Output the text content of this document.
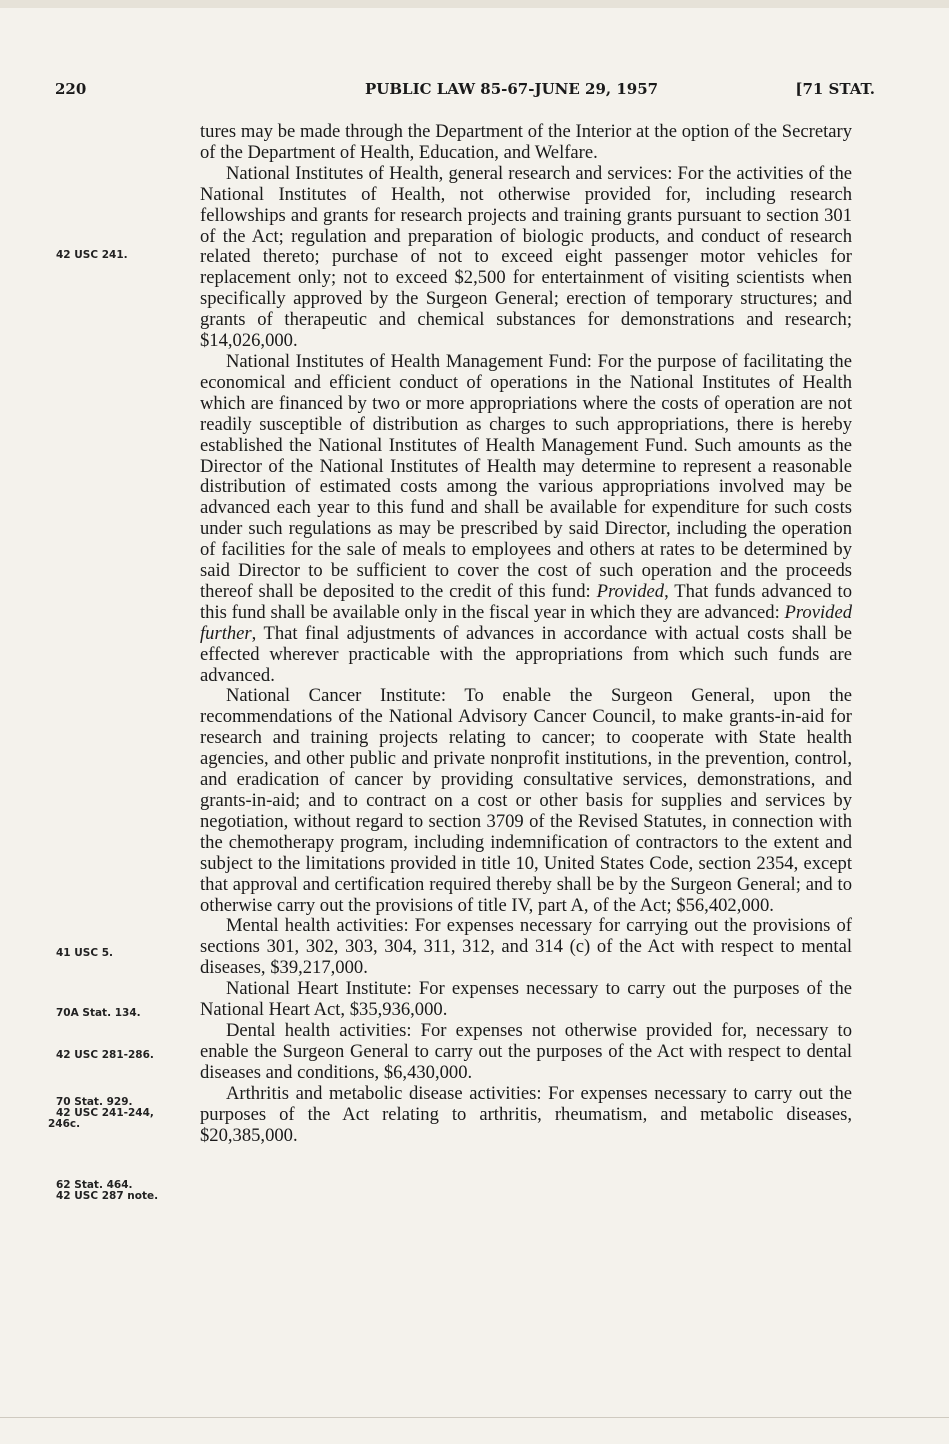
220	PUBLIC LAW 85-67-JUNE 29, 1957	[71 STAT.
42 USC 241.
41 USC 5.
70A Stat. 134.
42 USC 281-286.
70 Stat. 929.
42 USC 241-244,
246c.
62 Stat. 464.
42 USC 287 note.

tures may be made through the Department of the Interior at the option of the Secretary of the Department of Health, Education, and Welfare.

National Institutes of Health, general research and services: For the activities of the National Institutes of Health, not otherwise provided for, including research fellowships and grants for research projects and training grants pursuant to section 301 of the Act; regulation and preparation of biologic products, and conduct of research related thereto; purchase of not to exceed eight passenger motor vehicles for replacement only; not to exceed $2,500 for entertainment of visiting scientists when specifically approved by the Surgeon General; erection of temporary structures; and grants of therapeutic and chemical substances for demonstrations and research; $14,026,000.

National Institutes of Health Management Fund: For the purpose of facilitating the economical and efficient conduct of operations in the National Institutes of Health which are financed by two or more appropriations where the costs of operation are not readily susceptible of distribution as charges to such appropriations, there is hereby established the National Institutes of Health Management Fund. Such amounts as the Director of the National Institutes of Health may determine to represent a reasonable distribution of estimated costs among the various appropriations involved may be advanced each year to this fund and shall be available for expenditure for such costs under such regulations as may be prescribed by said Director, including the operation of facilities for the sale of meals to employees and others at rates to be determined by said Director to be sufficient to cover the cost of such operation and the proceeds thereof shall be deposited to the credit of this fund: Provided, That funds advanced to this fund shall be available only in the fiscal year in which they are advanced: Provided further, That final adjustments of advances in accordance with actual costs shall be effected wherever practicable with the appropriations from which such funds are advanced.

National Cancer Institute: To enable the Surgeon General, upon the recommendations of the National Advisory Cancer Council, to make grants-in-aid for research and training projects relating to cancer; to cooperate with State health agencies, and other public and private nonprofit institutions, in the prevention, control, and eradication of cancer by providing consultative services, demonstrations, and grants-in-aid; and to contract on a cost or other basis for supplies and services by negotiation, without regard to section 3709 of the Revised Statutes, in connection with the chemotherapy program, including indemnification of contractors to the extent and subject to the limitations provided in title 10, United States Code, section 2354, except that approval and certification required thereby shall be by the Surgeon General; and to otherwise carry out the provisions of title IV, part A, of the Act; $56,402,000.

Mental health activities: For expenses necessary for carrying out the provisions of sections 301, 302, 303, 304, 311, 312, and 314 (c) of the Act with respect to mental diseases, $39,217,000.

National Heart Institute: For expenses necessary to carry out the purposes of the National Heart Act, $35,936,000.

Dental health activities: For expenses not otherwise provided for, necessary to enable the Surgeon General to carry out the purposes of the Act with respect to dental diseases and conditions, $6,430,000.

Arthritis and metabolic disease activities: For expenses necessary to carry out the purposes of the Act relating to arthritis, rheumatism, and metabolic diseases, $20,385,000.
